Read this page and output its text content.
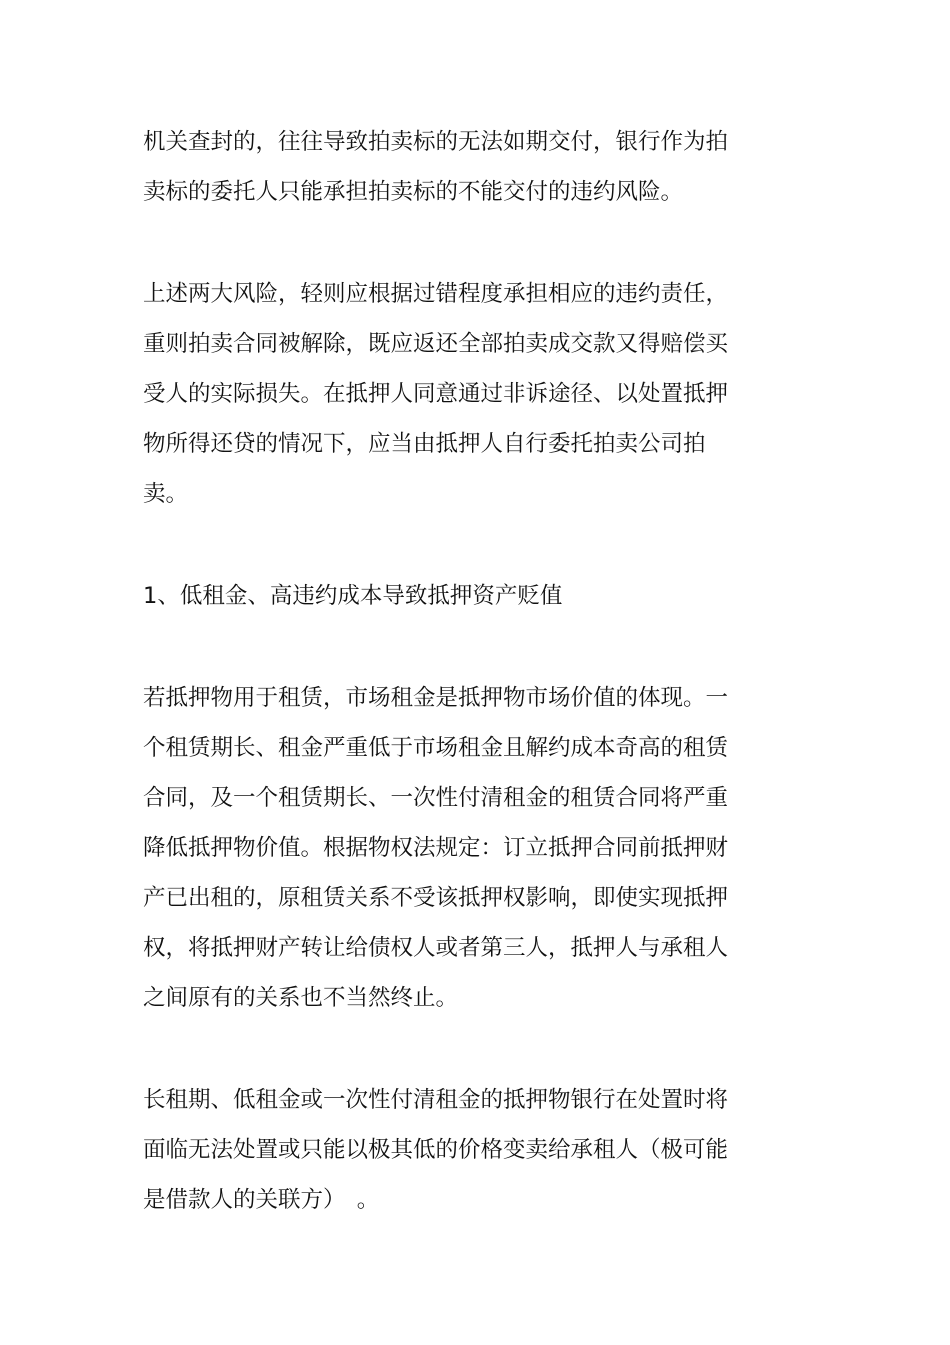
机关查封的，往往导致拍卖标的无法如期交付，银行作为拍
卖标的委托人只能承担拍卖标的不能交付的违约风险。

上述两大风险，轻则应根据过错程度承担相应的违约责任，
重则拍卖合同被解除，既应返还全部拍卖成交款又得赔偿买
受人的实际损失。在抵押人同意通过非诉途径、以处置抵押
物所得还贷的情况下，应当由抵押人自行委托拍卖公司拍
卖。

1、低租金、高违约成本导致抵押资产贬值

若抵押物用于租赁，市场租金是抵押物市场价值的体现。一
个租赁期长、租金严重低于市场租金且解约成本奇高的租赁
合同，及一个租赁期长、一次性付清租金的租赁合同将严重
降低抵押物价值。根据物权法规定：订立抵押合同前抵押财
产已出租的，原租赁关系不受该抵押权影响，即使实现抵押
权，将抵押财产转让给债权人或者第三人，抵押人与承租人
之间原有的关系也不当然终止。

长租期、低租金或一次性付清租金的抵押物银行在处置时将
面临无法处置或只能以极其低的价格变卖给承租人（极可能
是借款人的关联方）　。
